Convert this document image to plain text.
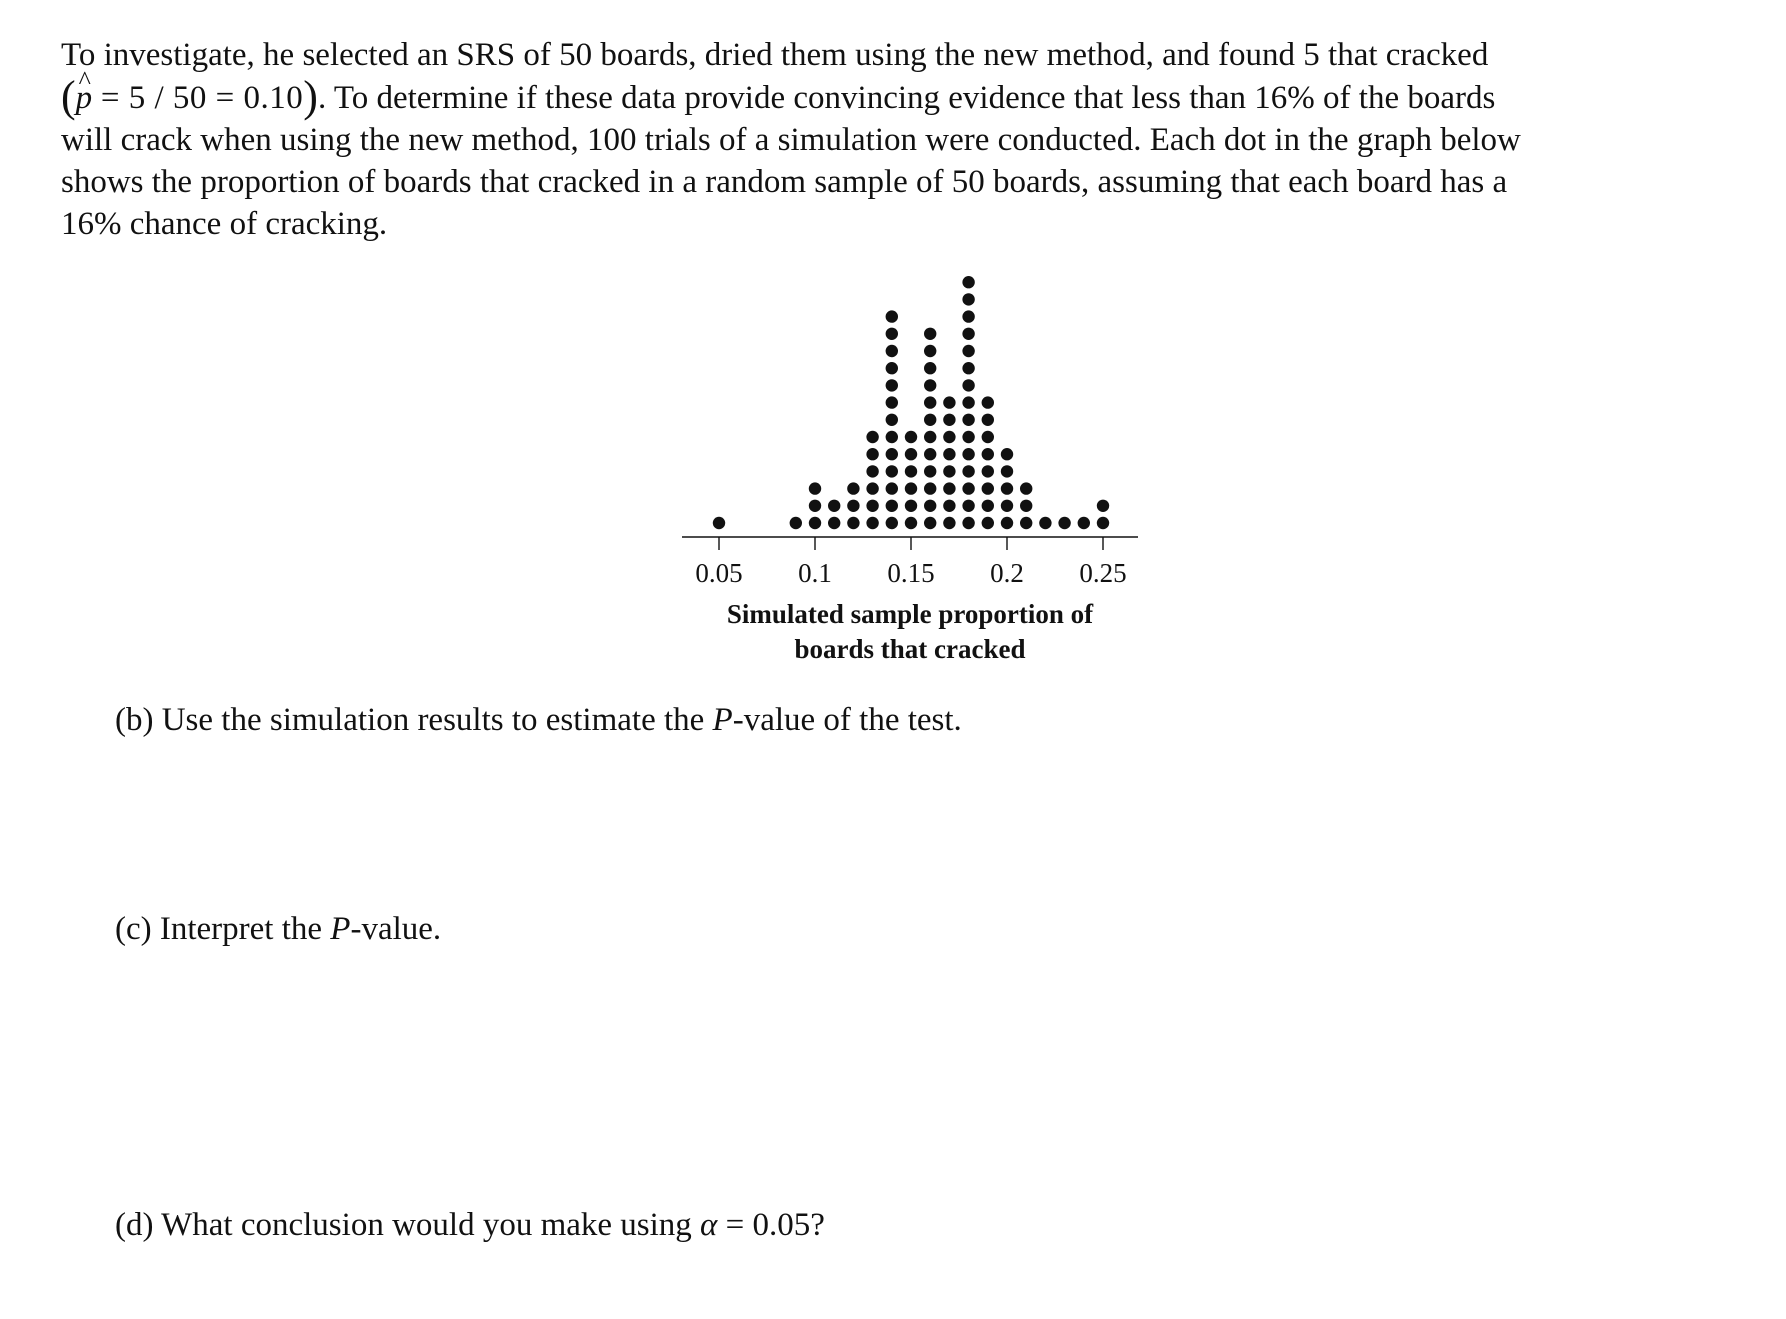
To investigate, he selected an SRS of 50 boards, dried them using the new method, and found 5 that cracked
(^ p = 5 / 50 = 0.10). To determine if these data provide convincing evidence that less than 16% of the boards
will crack when using the new method, 100 trials of a simulation were conducted. Each dot in the graph below
shows the proportion of boards that cracked in a random sample of 50 boards, assuming that each board has a
16% chance of cracking.
0.05 0.1 0.15 0.2 0.25
Simulated sample proportion of
boards that cracked
(b) Use the simulation results to estimate the P-value of the test.
(c) Interpret the P-value.
(d) What conclusion would you make using α = 0.05?
